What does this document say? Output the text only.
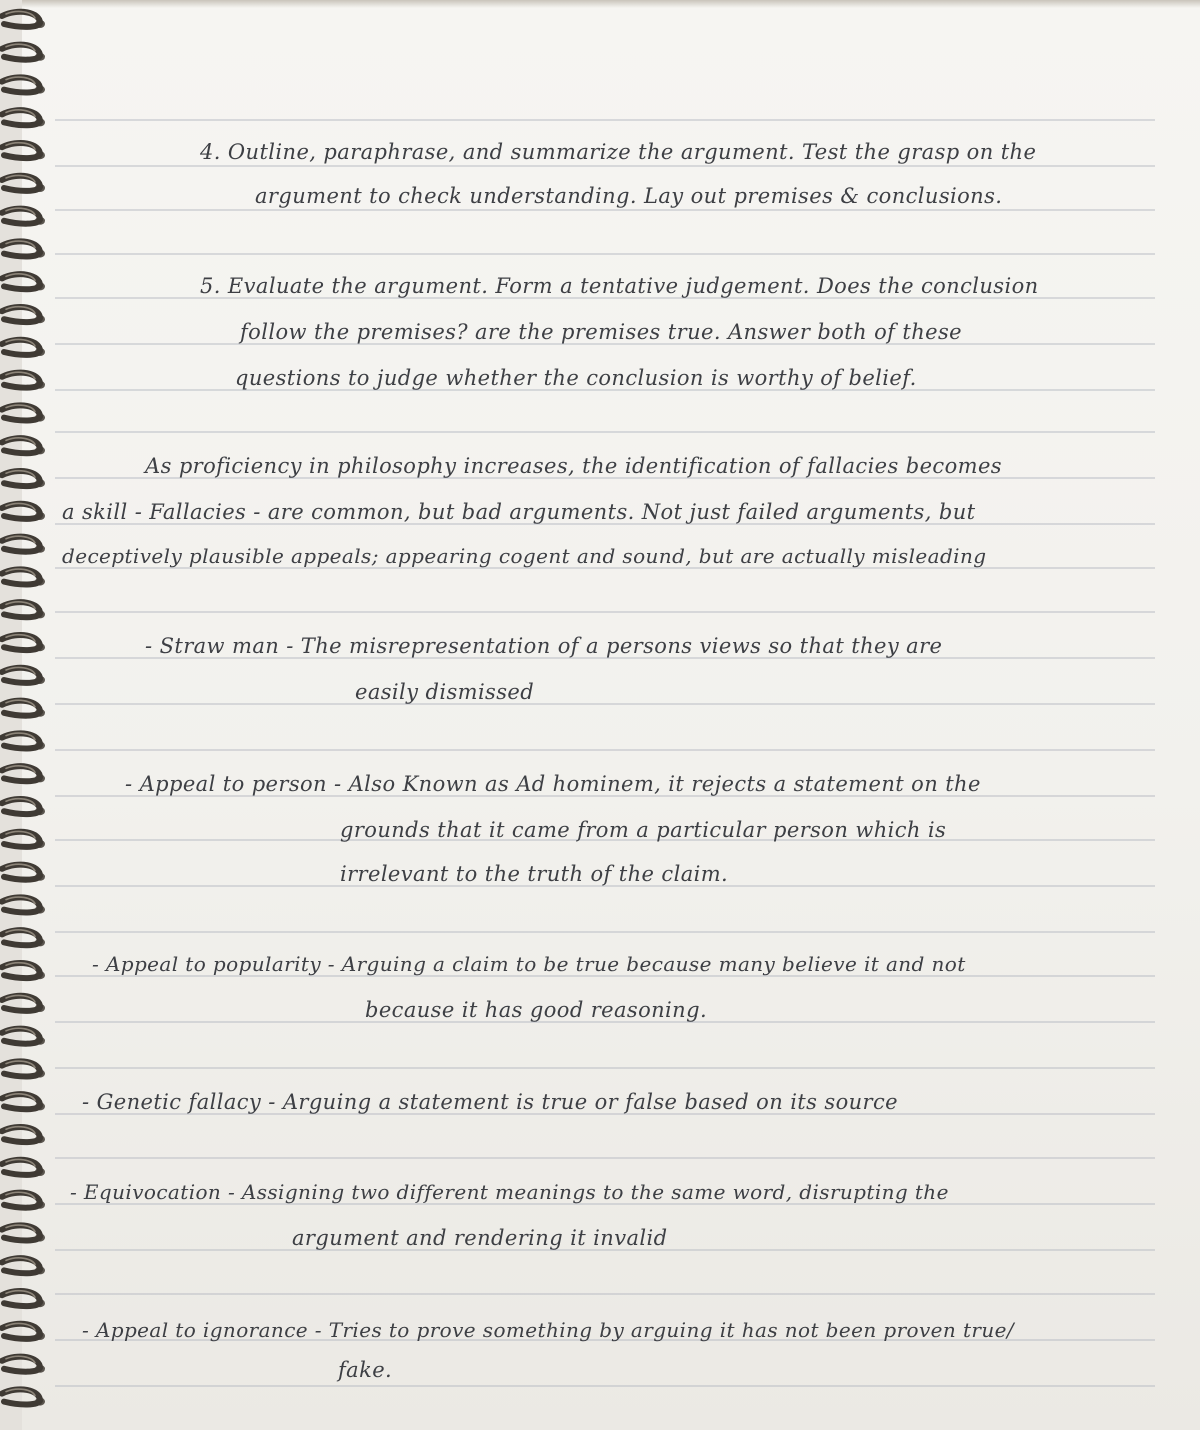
4. Outline, paraphrase, and summarize the argument. Test the grasp on the
argument to check understanding. Lay out premises & conclusions.
5. Evaluate the argument. Form a tentative judgement. Does the conclusion
follow the premises? are the premises true. Answer both of these
questions to judge whether the conclusion is worthy of belief.
As proficiency in philosophy increases, the identification of fallacies becomes
a skill - Fallacies - are common, but bad arguments. Not just failed arguments, but
deceptively plausible appeals; appearing cogent and sound, but are actually misleading
- Straw man - The misrepresentation of a persons views so that they are
easily dismissed
- Appeal to person - Also Known as Ad hominem, it rejects a statement on the
grounds that it came from a particular person which is
irrelevant to the truth of the claim.
- Appeal to popularity - Arguing a claim to be true because many believe it and not
because it has good reasoning.
- Genetic fallacy - Arguing a statement is true or false based on its source
- Equivocation - Assigning two different meanings to the same word, disrupting the
argument and rendering it invalid
- Appeal to ignorance - Tries to prove something by arguing it has not been proven true/
fake.
